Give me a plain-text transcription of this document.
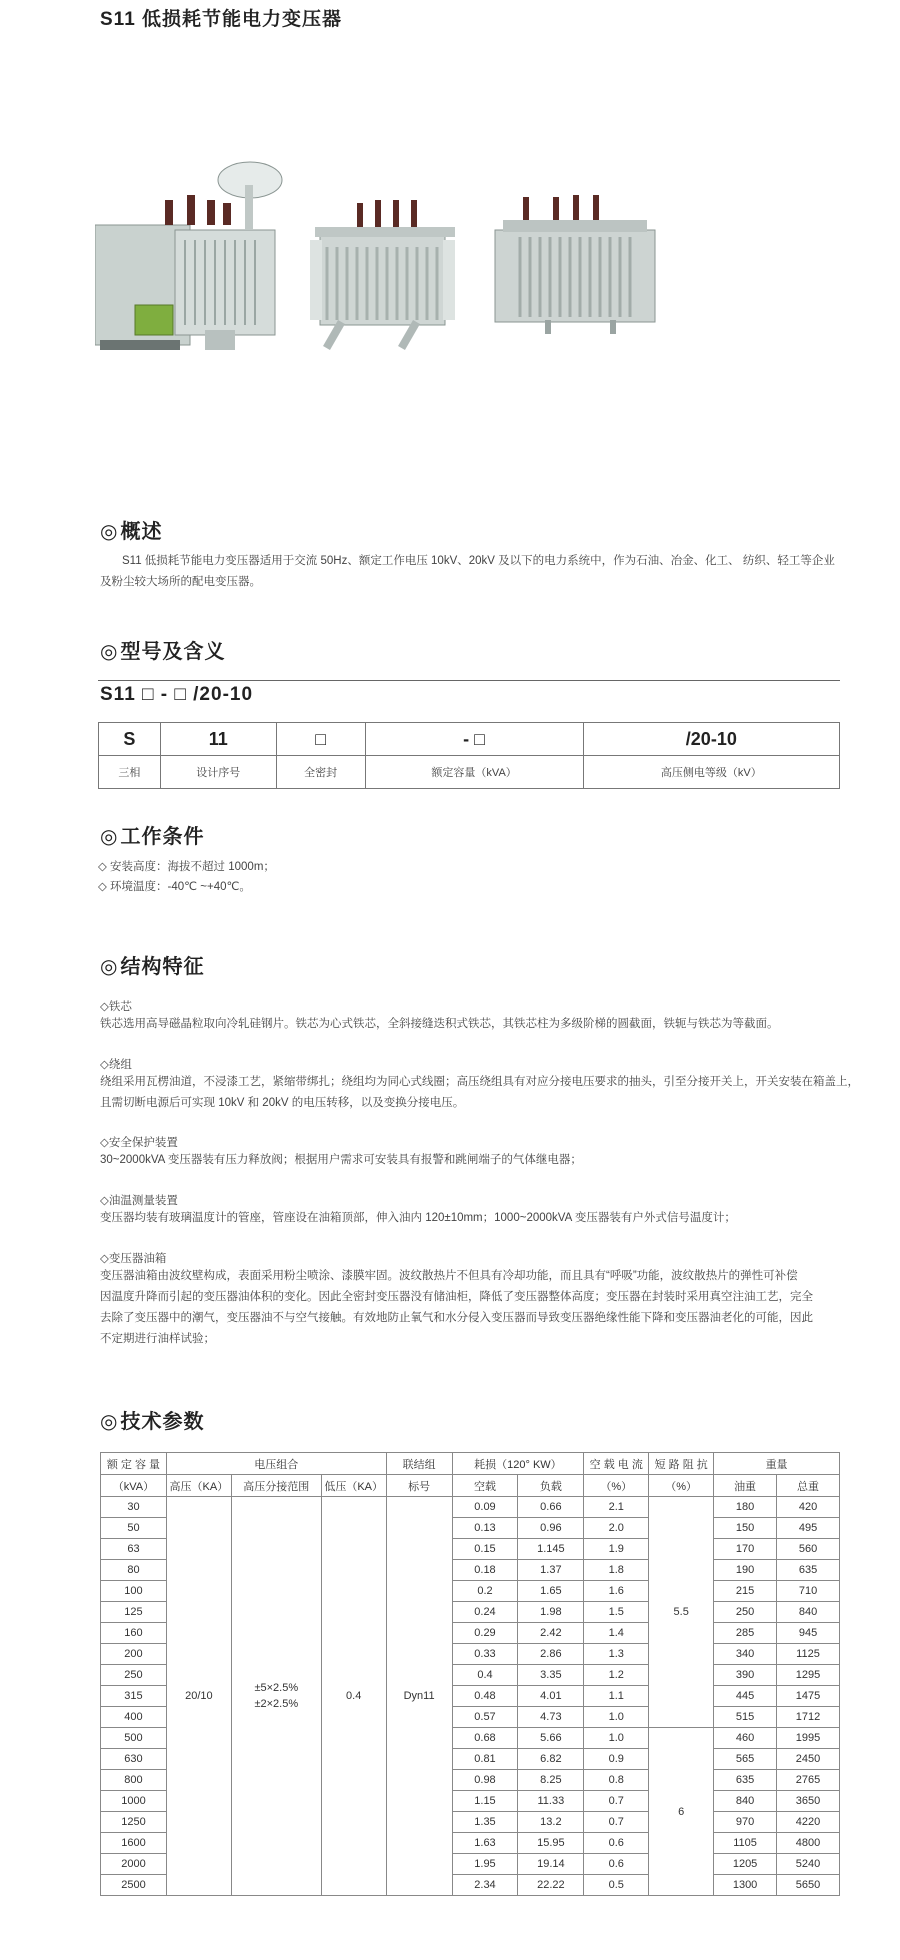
S11 低损耗节能电力变压器
◎ 概述
S11 低损耗节能电力变压器适用于交流 50Hz、额定工作电压 10kV、20kV 及以下的电力系统中，作为石油、冶金、化工、 纺织、轻工等企业及粉尘较大场所的配电变压器。
◎ 型号及含义
S11 □ - □ /20-10
S	11	□	- □	/20-10
三相	设计序号	全密封	额定容量（kVA）	高压侧电等级（kV）
◎ 工作条件
◇ 安装高度：海拔不超过 1000m；
◇ 环境温度：-40℃ ~+40℃。
◎ 结构特征
◇铁芯
铁芯选用高导磁晶粒取向冷轧硅钢片。铁芯为心式铁芯，全斜接缝迭积式铁芯，其铁芯柱为多级阶梯的圆截面，铁轭与铁芯为等截面。
◇绕组
绕组采用瓦楞油道，不浸漆工艺，紧缩带绑扎；绕组均为同心式线圈；高压绕组具有对应分接电压要求的抽头，引至分接开关上，开关安装在箱盖上，
且需切断电源后可实现 10kV 和 20kV 的电压转移，以及变换分接电压。
◇安全保护装置
30~2000kVA 变压器装有压力释放阀；根据用户需求可安装具有报警和跳闸端子的气体继电器；
◇油温测量装置
变压器均装有玻璃温度计的管座，管座设在油箱顶部，伸入油内 120±10mm；1000~2000kVA 变压器装有户外式信号温度计；
◇变压器油箱
变压器油箱由波纹壁构成，表面采用粉尘喷涂、漆膜牢固。波纹散热片不但具有冷却功能，而且具有“呼吸”功能，波纹散热片的弹性可补偿
因温度升降而引起的变压器油体积的变化。因此全密封变压器没有储油柜，降低了变压器整体高度；变压器在封装时采用真空注油工艺，完全
去除了变压器中的潮气，变压器油不与空气接触。有效地防止氧气和水分侵入变压器而导致变压器绝缘性能下降和变压器油老化的可能，因此
不定期进行油样试验；
◎ 技术参数
额 定 容 量	电压组合			联结组	耗损（120° KW）		空 载 电 流	短 路 阻 抗	重量	
（kVA）	高压（KA）	高压分接范围	低压（KA）	标号	空载	负载	（%）	（%）	油重	总重
30	20/10	±5×2.5%
±2×2.5%	0.4	Dyn11	0.09	0.66	2.1	5.5	180	420
50					0.13	0.96	2.0		150	495
63					0.15	1.145	1.9		170	560
80					0.18	1.37	1.8		190	635
100					0.2	1.65	1.6		215	710
125					0.24	1.98	1.5		250	840
160					0.29	2.42	1.4		285	945
200					0.33	2.86	1.3		340	1125
250					0.4	3.35	1.2		390	1295
315					0.48	4.01	1.1		445	1475
400					0.57	4.73	1.0		515	1712
500					0.68	5.66	1.0	6	460	1995
630					0.81	6.82	0.9		565	2450
800					0.98	8.25	0.8		635	2765
1000					1.15	11.33	0.7		840	3650
1250					1.35	13.2	0.7		970	4220
1600					1.63	15.95	0.6		1105	4800
2000					1.95	19.14	0.6		1205	5240
2500					2.34	22.22	0.5		1300	5650
